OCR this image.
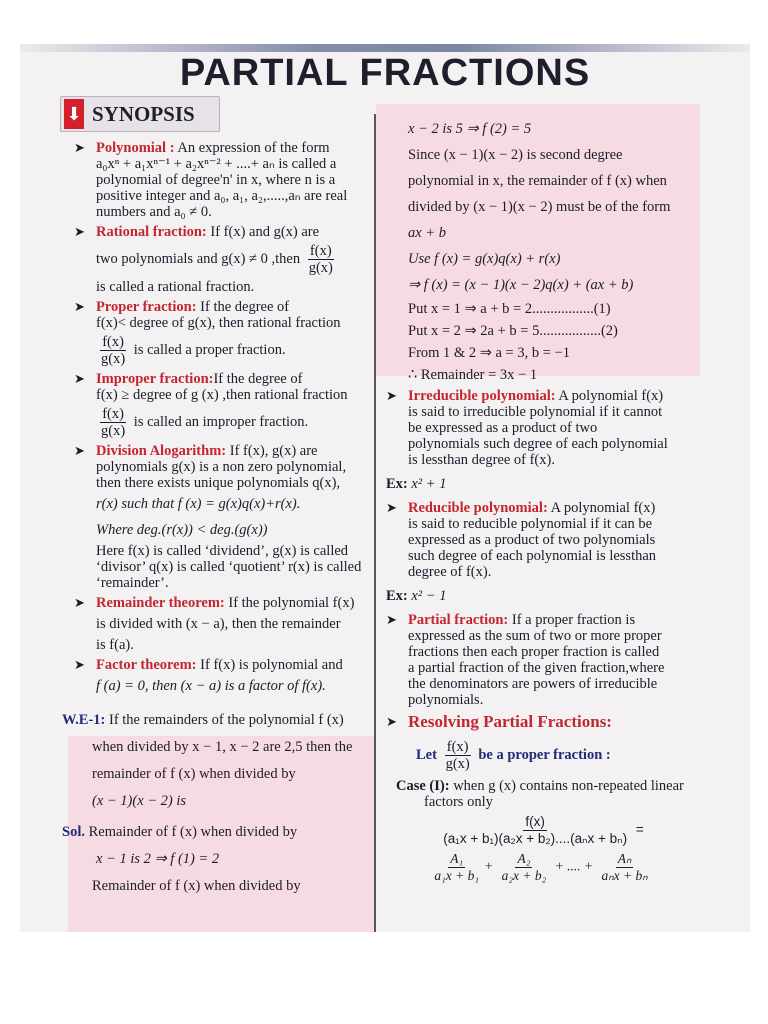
PARTIAL FRACTIONS
⬇ SYNOPSIS
➤ Polynomial : An expression of the form
a₀xⁿ + a₁xⁿ⁻¹ + a₂xⁿ⁻² + ....+ aₙ is called a
polynomial of degree'n' in x, where n is a
positive integer and a₀, a₁, a₂,.....,aₙ are real
numbers and a₀ ≠ 0.
➤ Rational fraction: If f(x) and g(x) are
two polynomials and g(x) ≠ 0 ,then $\frac{f(x)}{g(x)}$
is called a rational fraction.
➤ Proper fraction: If the degree of
f(x)< degree of g(x), then rational fraction
$\frac{f(x)}{g(x)}$ is called a proper fraction.
➤ Improper fraction:If the degree of
f(x) ≥ degree of g (x) ,then rational fraction
$\frac{f(x)}{g(x)}$ is called an improper fraction.
➤ Division Alogarithm: If f(x), g(x) are
polynomials g(x) is a non zero polynomial,
then there exists unique polynomials q(x),
r(x) such that f (x) = g(x)q(x)+r(x).
Where deg.(r(x)) < deg.(g(x))
Here f(x) is called ‘dividend’, g(x) is called
‘divisor’ q(x) is called ‘quotient’ r(x) is called
‘remainder’.
➤ Remainder theorem: If the polynomial f(x)
is divided with (x − a), then the remainder
is f(a).
➤ Factor theorem: If f(x) is polynomial and
f (a) = 0, then (x − a) is a factor of f(x).
W.E-1: If the remainders of the polynomial f (x)
when divided by x − 1, x − 2 are 2,5 then the
remainder of f (x) when divided by
(x − 1)(x − 2) is
Sol. Remainder of f (x) when divided by
x − 1 is 2 ⇒ f (1) = 2
Remainder of f (x) when divided by
x − 2 is 5 ⇒ f (2) = 5
Since (x − 1)(x − 2) is second degree
polynomial in x, the remainder of f (x) when
divided by (x − 1)(x − 2) must be of the form
ax + b
Use f (x) = g(x)q(x) + r(x)
⇒ f (x) = (x − 1)(x − 2)q(x) + (ax + b)
Put x = 1 ⇒ a + b = 2.................(1)
Put x = 2 ⇒ 2a + b = 5.................(2)
From 1 & 2 ⇒ a = 3, b = −1
∴ Remainder = 3x − 1
➤ Irreducible polynomial: A polynomial f(x)
is said to irreducible polynomial if it cannot
be expressed as a product of two
polynomials such degree of each polynomial
is lessthan degree of f(x).
Ex: x² + 1
➤ Reducible polynomial: A polynomial f(x)
is said to reducible polynomial if it can be
expressed as a product of two polynomials
such degree of each polynomial is lessthan
degree of f(x).
Ex: x² − 1
➤ Partial fraction: If a proper fraction is
expressed as the sum of two or more proper
fractions then each proper fraction is called
a partial fraction of the given fraction,where
the denominators are powers of irreducible
polynomials.
➤ Resolving Partial Fractions:
Let $\frac{f(x)}{g(x)}$ be a proper fraction :
Case (I): when g (x) contains non-repeated linear
factors only
$\frac{f(x)}{\text{(a₁x + b₁)(a₂x + b₂)....(aₙx + bₙ)}}$ =
$\frac{\text{A₁}}{\text{a₁x + b₁}} + \frac{\text{A₂}}{\text{a₂x + b₂}}$ + .... + $\frac{\text{Aₙ}}{\text{aₙx + bₙ}}$
